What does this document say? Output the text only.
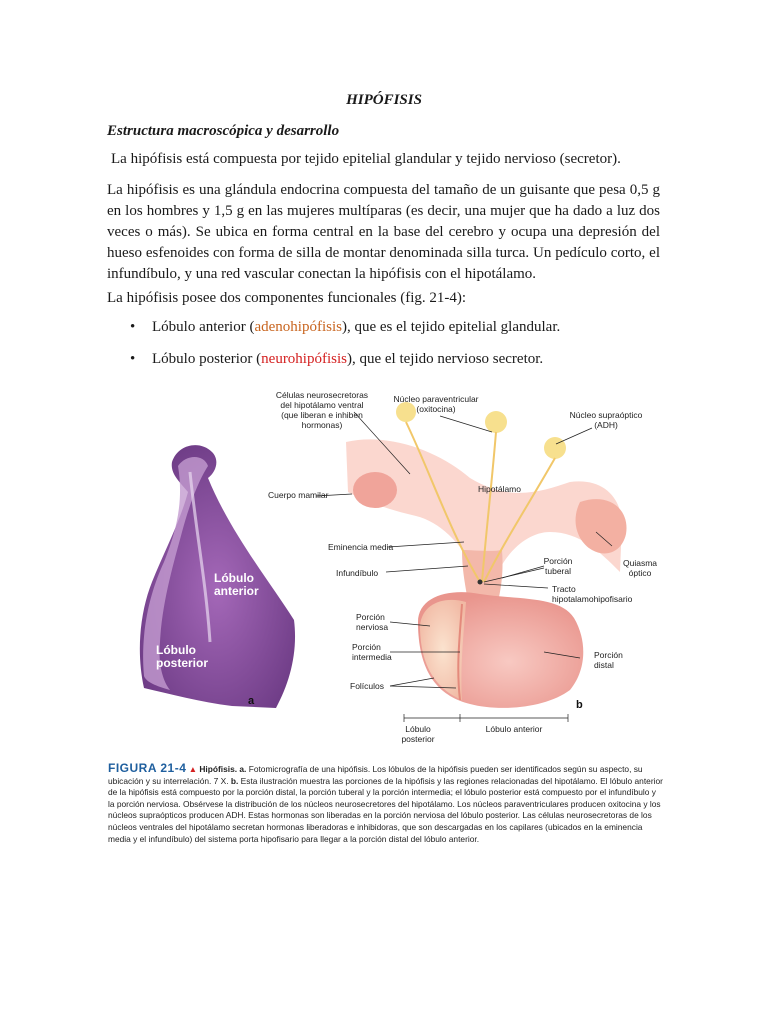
HIPÓFISIS
Estructura macroscópica y desarrollo
La hipófisis está compuesta por tejido epitelial glandular y tejido nervioso (secretor).
La hipófisis es una glándula endocrina compuesta del tamaño de un guisante que pesa 0,5 g en los hombres y 1,5 g en las mujeres multíparas (es decir, una mujer que ha dado a luz dos veces o más). Se ubica en forma central en la base del cerebro y ocupa una depresión del hueso esfenoides con forma de silla de montar denominada silla turca. Un pedículo corto, el infundíbulo, y una red vascular conectan la hipófisis con el hipotálamo.
La hipófisis posee dos componentes funcionales (fig. 21-4):
• Lóbulo anterior (adenohipófisis), que es el tejido epitelial glandular.
• Lóbulo posterior (neurohipófisis), que el tejido nervioso secretor.
Lóbulo anterior
Lóbulo posterior
a
Células neurosecretoras del hipotálamo ventral (que liberan e inhiben hormonas)
Núcleo paraventricular (oxitocina)
Núcleo supraóptico (ADH)
Cuerpo mamilar
Hipotálamo
Eminencia media
Infundíbulo
Porción tuberal
Quiasma óptico
Tracto hipotalamohipofisario
Porción nerviosa
Porción intermedia
Folículos
Porción distal
Lóbulo posterior
Lóbulo anterior
b
FIGURA 21-4 ▲ Hipófisis. a. Fotomicrografía de una hipófisis. Los lóbulos de la hipófisis pueden ser identificados según su aspecto, su ubicación y su interrelación. 7 X. b. Esta ilustración muestra las porciones de la hipófisis y las regiones relacionadas del hipotálamo. El lóbulo anterior de la hipófisis está compuesto por la porción distal, la porción tuberal y la porción intermedia; el lóbulo posterior está compuesto por el infundíbulo y la porción nerviosa. Obsérvese la distribución de los núcleos neurosecretores del hipotálamo. Los núcleos paraventriculares producen oxitocina y los núcleos supraópticos producen ADH. Estas hormonas son liberadas en la porción nerviosa del lóbulo posterior. Las células neurosecretoras de los núcleos ventrales del hipotálamo secretan hormonas liberadoras e inhibidoras, que son descargadas en los capilares (ubicados en la eminencia media y el infundíbulo) del sistema porta hipofisario para llegar a la porción distal del lóbulo anterior.
